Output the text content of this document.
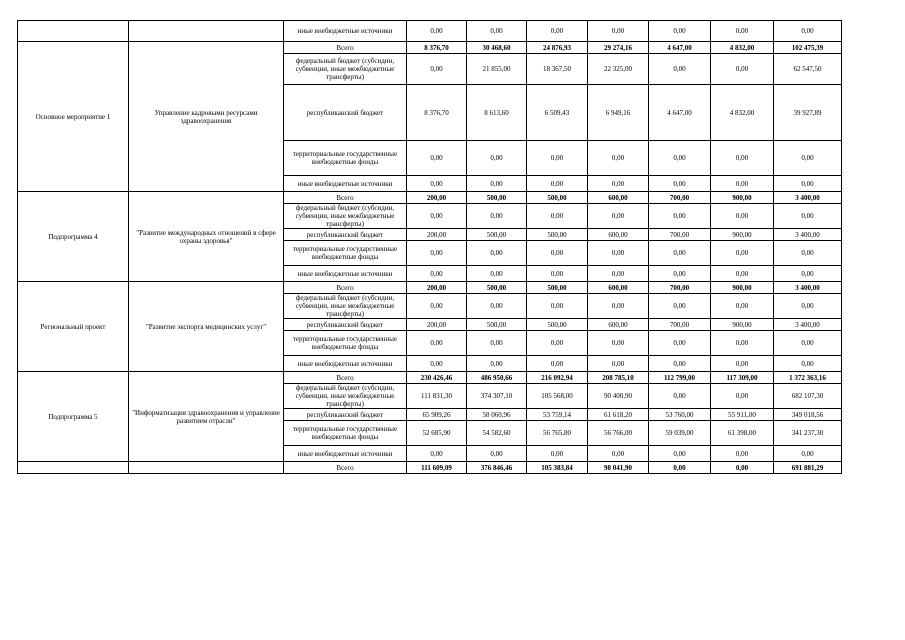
		иные внебюджетные источники	0,00	0,00	0,00	0,00	0,00	0,00	0,00
Основное мероприятие 1	Управление кадровыми ресурсами здравоохранения	Всего	8 376,70	30 468,60	24 876,93	29 274,16	4 647,00	4 832,00	102 475,39
		федеральный бюджет (субсидии, субвенции, иные межбюджетные трансферты)	0,00	21 855,00	18 367,50	22 325,00	0,00	0,00	62 547,50
		республиканский бюджет	8 376,70	8 613,60	6 509,43	6 949,16	4 647,00	4 832,00	39 927,89
		территориальные государственные внебюджетные фонды	0,00	0,00	0,00	0,00	0,00	0,00	0,00
		иные внебюджетные источники	0,00	0,00	0,00	0,00	0,00	0,00	0,00
Подпрограмма 4	"Развитие международных отношений в сфере охраны здоровья"	Всего	200,00	500,00	500,00	600,00	700,00	900,00	3 400,00
		федеральный бюджет (субсидии, субвенции, иные межбюджетные трансферты)	0,00	0,00	0,00	0,00	0,00	0,00	0,00
		республиканский бюджет	200,00	500,00	500,00	600,00	700,00	900,00	3 400,00
		территориальные государственные внебюджетные фонды	0,00	0,00	0,00	0,00	0,00	0,00	0,00
		иные внебюджетные источники	0,00	0,00	0,00	0,00	0,00	0,00	0,00
Региональный проект	"Развитие экспорта медицинских услуг"	Всего	200,00	500,00	500,00	600,00	700,00	900,00	3 400,00
		федеральный бюджет (субсидии, субвенции, иные межбюджетные трансферты)	0,00	0,00	0,00	0,00	0,00	0,00	0,00
		республиканский бюджет	200,00	500,00	500,00	600,00	700,00	900,00	3 400,00
		территориальные государственные внебюджетные фонды	0,00	0,00	0,00	0,00	0,00	0,00	0,00
		иные внебюджетные источники	0,00	0,00	0,00	0,00	0,00	0,00	0,00
Подпрограмма 5	"Информатизация здравоохранения и управление развитием отрасли"	Всего	230 426,46	486 950,66	216 092,94	208 785,10	112 799,00	117 309,00	1 372 363,16
		федеральный бюджет (субсидии, субвенции, иные межбюджетные трансферты)	111 831,30	374 307,10	105 568,00	90 400,90	0,00	0,00	682 107,30
		республиканский бюджет	65 909,26	58 060,96	53 759,14	61 618,20	53 760,00	55 911,00	349 018,56
		территориальные государственные внебюджетные фонды	52 685,90	54 582,60	56 765,80	56 766,00	59 039,00	61 398,00	341 237,30
		иные внебюджетные источники	0,00	0,00	0,00	0,00	0,00	0,00	0,00
		Всего	111 609,09	376 846,46	105 383,84	98 041,90	0,00	0,00	691 881,29
